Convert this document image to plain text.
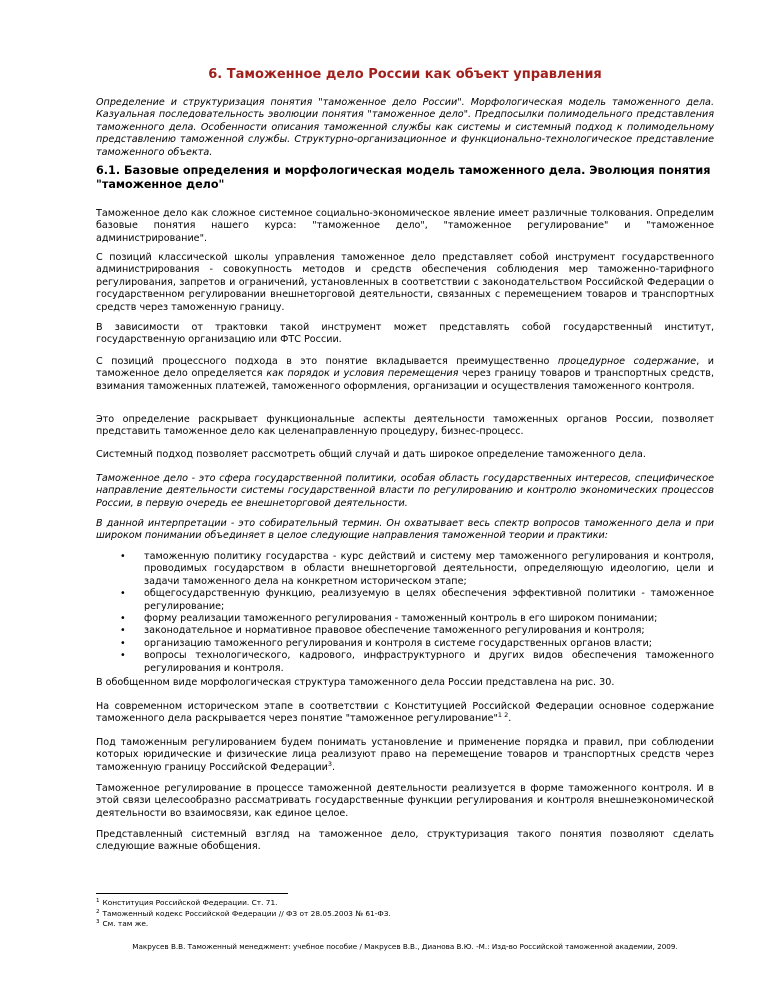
6. Таможенное дело России как объект управления

Определение и структуризация понятия "таможенное дело России". Морфологическая модель таможенного дела. Казуальная последовательность эволюции понятия "таможенное дело". Предпосылки полимодельного представления таможенного дела. Особенности описания таможенной службы как системы и системный подход к полимодельному представлению таможенной службы. Структурно-организационное и функционально-технологическое представление таможенного объекта.

6.1. Базовые определения и морфологическая модель таможенного дела. Эволюция понятия "таможенное дело"

Таможенное дело как сложное системное социально-экономическое явление имеет различные толкования. Определим базовые понятия нашего курса: "таможенное дело", "таможенное регулирование" и "таможенное администрирование".

С позиций классической школы управления таможенное дело представляет собой инструмент государственного администрирования - совокупность методов и средств обеспечения соблюдения мер таможенно-тарифного регулирования, запретов и ограничений, установленных в соответствии с законодательством Российской Федерации о государственном регулировании внешнеторговой деятельности, связанных с перемещением товаров и транспортных средств через таможенную границу.

В зависимости от трактовки такой инструмент может представлять собой государственный институт, государственную организацию или ФТС России.

С позиций процессного подхода в это понятие вкладывается преимущественно процедурное содержание, и таможенное дело определяется как порядок и условия перемещения через границу товаров и транспортных средств, взимания таможенных платежей, таможенного оформления, организации и осуществления таможенного контроля.

Это определение раскрывает функциональные аспекты деятельности таможенных органов России, позволяет представить таможенное дело как целенаправленную процедуру, бизнес-процесс.

Системный подход позволяет рассмотреть общий случай и дать широкое определение таможенного дела.

Таможенное дело - это сфера государственной политики, особая область государственных интересов, специфическое направление деятельности системы государственной власти по регулированию и контролю экономических процессов России, в первую очередь ее внешнеторговой деятельности.

В данной интерпретации - это собирательный термин. Он охватывает весь спектр вопросов таможенного дела и при широком понимании объединяет в целое следующие направления таможенной теории и практики:

• таможенную политику государства - курс действий и систему мер таможенного регулирования и контроля, проводимых государством в области внешнеторговой деятельности, определяющую идеологию, цели и задачи таможенного дела на конкретном историческом этапе;
• общегосударственную функцию, реализуемую в целях обеспечения эффективной политики - таможенное регулирование;
• форму реализации таможенного регулирования - таможенный контроль в его широком понимании;
• законодательное и нормативное правовое обеспечение таможенного регулирования и контроля;
• организацию таможенного регулирования и контроля в системе государственных органов власти;
• вопросы технологического, кадрового, инфраструктурного и других видов обеспечения таможенного регулирования и контроля.

В обобщенном виде морфологическая структура таможенного дела России представлена на рис. 30.

На современном историческом этапе в соответствии с Конституцией Российской Федерации основное содержание таможенного дела раскрывается через понятие "таможенное регулирование"$^{1 2}$.

Под таможенным регулированием будем понимать установление и применение порядка и правил, при соблюдении которых юридические и физические лица реализуют право на перемещение товаров и транспортных средств через таможенную границу Российской Федерации$^3$.

Таможенное регулирование в процессе таможенной деятельности реализуется в форме таможенного контроля. И в этой связи целесообразно рассматривать государственные функции регулирования и контроля внешнеэкономической деятельности во взаимосвязи, как единое целое.

Представленный системный взгляд на таможенное дело, структуризация такого понятия позволяют сделать следующие важные обобщения.

$^1$ Конституция Российской Федерации. Ст. 71.
$^2$ Таможенный кодекс Российской Федерации // ФЗ от 28.05.2003 № 61-ФЗ.
$^3$ См. там же.

Макрусев В.В. Таможенный менеджмент: учебное пособие / Макрусев В.В., Дианова В.Ю. -М.: Изд-во Российской таможенной академии, 2009.
